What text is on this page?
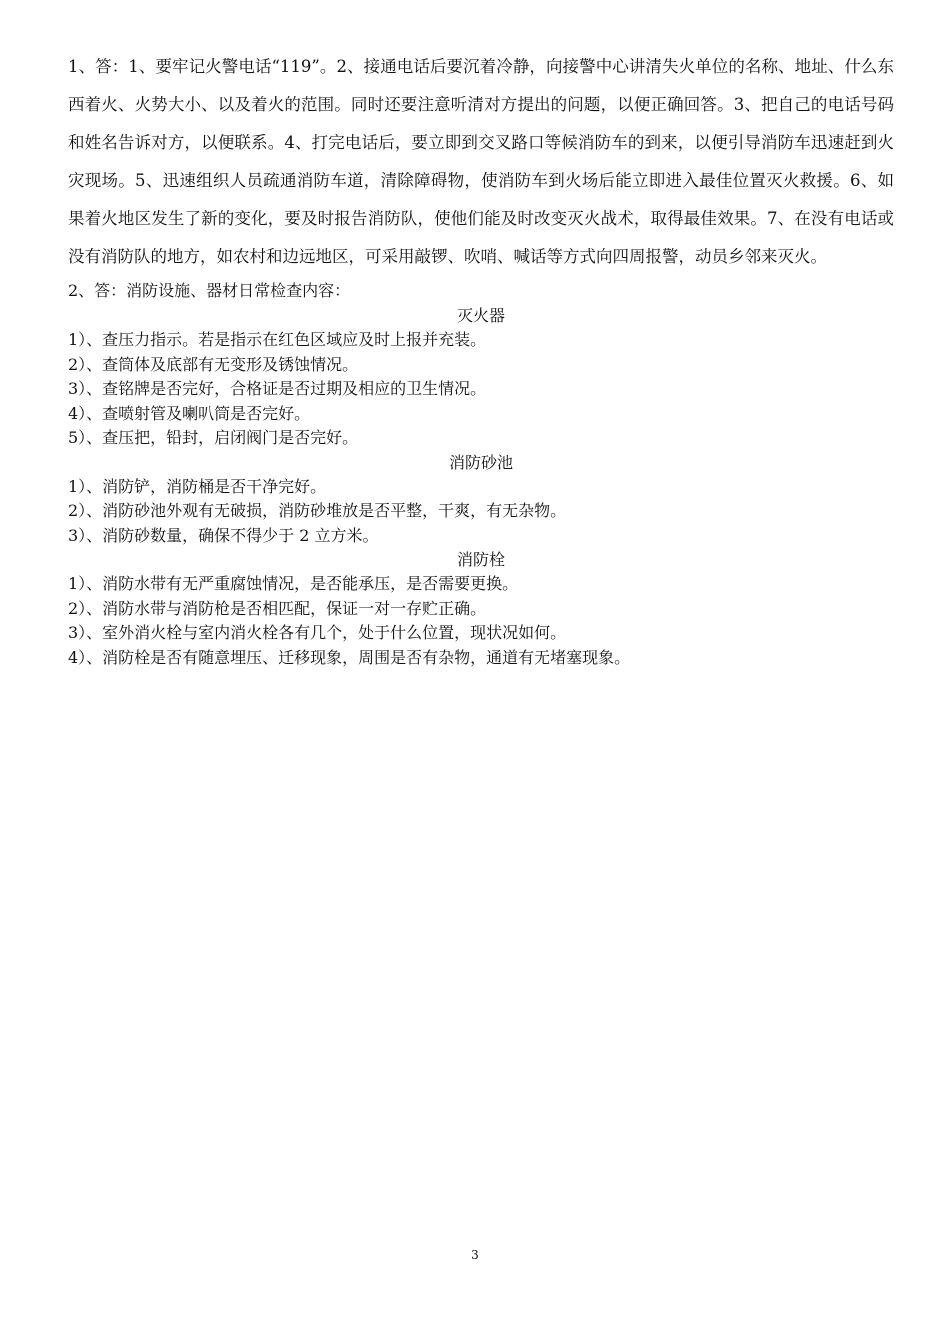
1、答：1、要牢记火警电话“119”。2、接通电话后要沉着冷静，向接警中心讲清失火单位的名称、地址、什么东西着火、火势大小、以及着火的范围。同时还要注意听清对方提出的问题，以便正确回答。3、把自己的电话号码和姓名告诉对方，以便联系。4、打完电话后，要立即到交叉路口等候消防车的到来，以便引导消防车迅速赶到火灾现场。5、迅速组织人员疏通消防车道，清除障碍物，使消防车到火场后能立即进入最佳位置灭火救援。6、如果着火地区发生了新的变化，要及时报告消防队，使他们能及时改变灭火战术，取得最佳效果。7、在没有电话或没有消防队的地方，如农村和边远地区，可采用敲锣、吹哨、喊话等方式向四周报警，动员乡邻来灭火。

2、答：消防设施、器材日常检查内容：

灭火器

1）、查压力指示。若是指示在红色区域应及时上报并充装。

2）、查筒体及底部有无变形及锈蚀情况。

3）、查铭牌是否完好，合格证是否过期及相应的卫生情况。

4）、查喷射管及喇叭筒是否完好。

5）、查压把，铅封，启闭阀门是否完好。

消防砂池

1）、消防铲，消防桶是否干净完好。

2）、消防砂池外观有无破损，消防砂堆放是否平整，干爽，有无杂物。

3）、消防砂数量，确保不得少于 2 立方米。

消防栓

1）、消防水带有无严重腐蚀情况，是否能承压，是否需要更换。

2）、消防水带与消防枪是否相匹配，保证一对一存贮正确。

3）、室外消火栓与室内消火栓各有几个，处于什么位置，现状况如何。

4）、消防栓是否有随意埋压、迁移现象，周围是否有杂物，通道有无堵塞现象。

3
